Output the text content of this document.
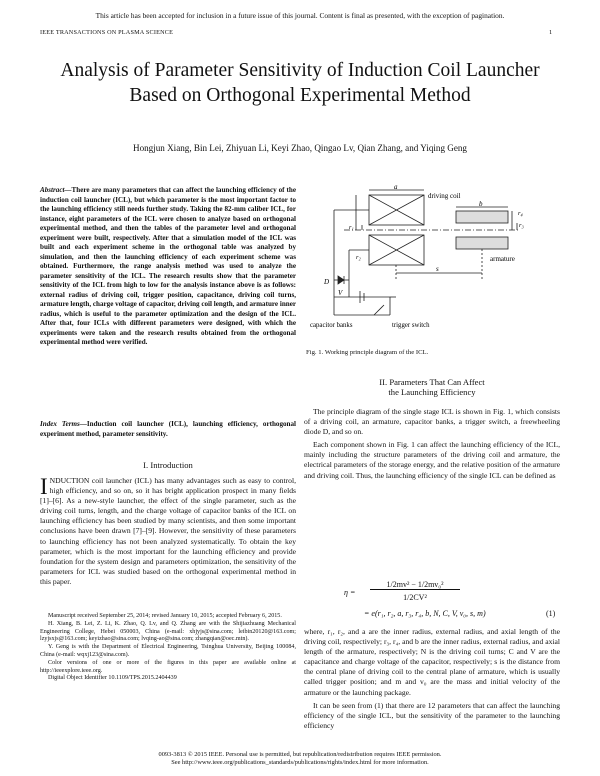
This article has been accepted for inclusion in a future issue of this journal. Content is final as presented, with the exception of pagination.
IEEE TRANSACTIONS ON PLASMA SCIENCE	1
Analysis of Parameter Sensitivity of Induction Coil Launcher Based on Orthogonal Experimental Method
Hongjun Xiang, Bin Lei, Zhiyuan Li, Keyi Zhao, Qingao Lv, Qian Zhang, and Yiqing Geng
Abstract—There are many parameters that can affect the launching efficiency of the induction coil launcher (ICL), but which parameter is the most important factor to the launching efficiency still needs further study. Taking the 82-mm caliber ICL, for instance, eight parameters of the ICL were chosen to analyze based on orthogonal experimental method, and then the tables of the parameter level and orthogonal experiment were built, respectively. After that a simulation model of the ICL was built and each experiment scheme in the orthogonal table was analyzed by simulation, and then the launching efficiency of each experiment scheme was obtained. Furthermore, the range analysis method was used to analyze the parameter sensitivity of the ICL. The research results show that the parameter sensitivity of the ICL from high to low for the analysis instance above is as follows: external radius of driving coil, trigger position, capacitance, driving coil turns, armature length, charge voltage of capacitor, driving coil length, and armature inner radius, which is useful to the parameter optimization and the design of the ICL. After that, four ICLs with different parameters were designed, with which the experiments were taken and the research results obtained from the orthogonal experimental method were verified.
Index Terms—Induction coil launcher (ICL), launching efficiency, orthogonal experiment method, parameter sensitivity.
I. Introduction
INDUCTION coil launcher (ICL) has many advantages such as easy to control, high efficiency, and so on, so it has bright application prospect in many fields [1]–[6]. As a new-style launcher, the effect of the single parameter, such as the driving coil turns, length, and the charge voltage of capacitor banks of the ICL on launching efficiency has been studied by many scientists, and then some important conclusions have been drawn [7]–[9]. However, the sensitivity of these parameters to launching efficiency has not been analyzed systematically. To obtain the key parameter, which is the most important for the launching efficiency and provide foundation for the system design and parameters optimization, the sensitivity of the parameters for ICL was studied based on the orthogonal experimental method in this paper.

Manuscript received September 25, 2014; revised January 10, 2015; accepted February 6, 2015.

H. Xiang, B. Lei, Z. Li, K. Zhao, Q. Lv, and Q. Zhang are with the Shijiazhuang Mechanical Engineering College, Hebei 050003, China (e-mail: xhjyjs@sina.com; leibin20120@163.com; lzyjsxjs@163.com; keyizhao@sina.com; lvqing-ao@sina.com; zhangqian@oec.mtn).

Y. Geng is with the Department of Electrical Engineering, Tsinghua University, Beijing 100084, China (e-mail: wqxj123@sina.com).

Color versions of one or more of the figures in this paper are available online at http://ieeexplore.ieee.org.

Digital Object Identifier 10.1109/TPS.2015.2404439

a
driving coil
r₁
b
r₄
r₃
armature
r₂
D
s
V
capacitor banks	trigger switch
Fig. 1. Working principle diagram of the ICL.
II. Parameters That Can Affect
the Launching Efficiency

The principle diagram of the single stage ICL is shown in Fig. 1, which consists of a driving coil, an armature, capacitor banks, a trigger switch, a freewheeling diode D, and so on.

Each component shown in Fig. 1 can affect the launching efficiency of the ICL, mainly including the structure parameters of the driving coil and armature, the electrical parameters of the storage energy, and the relative position of the armature and driving coil. Thus, the launching efficiency of the single ICL can be defined as

η =
1/2mv² − 1/2mv₀²
1/2CV²
= e(r₁, r₂, a, r₃, r₄, b, N, C, V, v₀, s, m)	(1)

where, r₁, r₂, and a are the inner radius, external radius, and axial length of the driving coil, respectively; r₃, r₄, and b are the inner radius, external radius, and axial length of the armature, respectively; N is the driving coil turns; C and V are the capacitance and charge voltage of the capacitor, respectively; s is the distance from the central plane of driving coil to the central plane of armature, which is usually called trigger position; and m and v₀ are the mass and initial velocity of the armature or the launching package.

It can be seen from (1) that there are 12 parameters that can affect the launching efficiency of the single ICL, but the sensitivity of the parameter to the launching efficiency

0093-3813 © 2015 IEEE. Personal use is permitted, but republication/redistribution requires IEEE permission.
See http://www.ieee.org/publications_standards/publications/rights/index.html for more information.
